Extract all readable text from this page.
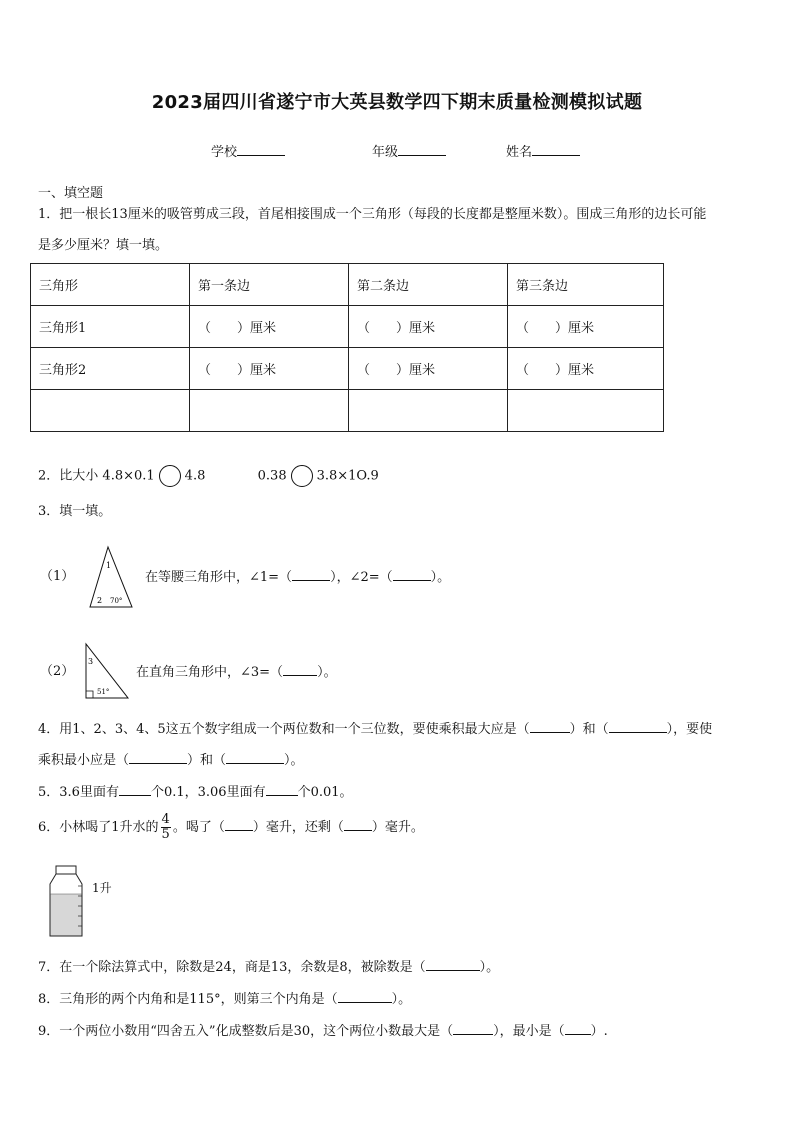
2023届四川省遂宁市大英县数学四下期末质量检测模拟试题
学校	年级	姓名
一、填空题
1．把一根长13厘米的吸管剪成三段，首尾相接围成一个三角形（每段的长度都是整厘米数）。围成三角形的边长可能
是多少厘米？填一填。
三角形	第一条边	第二条边	第三条边
三角形1	（　　）厘米	（　　）厘米	（　　）厘米
三角形2	（　　）厘米	（　　）厘米	（　　）厘米

2．比大小 4.8×0.1 4.8	0.38 3.8×1O.9
3．填一填。
（1）
1
2 70°
在等腰三角形中，∠1=（	），∠2=（	）。
（2）
3
51°
在直角三角形中，∠3=（	）。
4．用1、2、3、4、5这五个数字组成一个两位数和一个三位数，要使乘积最大应是（	）和（	），要使
乘积最小应是（	）和（	）。
5．3.6里面有 个0.1，3.06里面有 个0.01。
6．小林喝了1升水的 $\frac{4}{5}$ 。喝了（ ）毫升，还剩（ ）毫升。
1升
7．在一个除法算式中，除数是24，商是13，余数是8，被除数是（	）。
8．三角形的两个内角和是115°，则第三个内角是（	）。
9．一个两位小数用“四舍五入”化成整数后是30，这个两位小数最大是（	），最小是（ ）.
